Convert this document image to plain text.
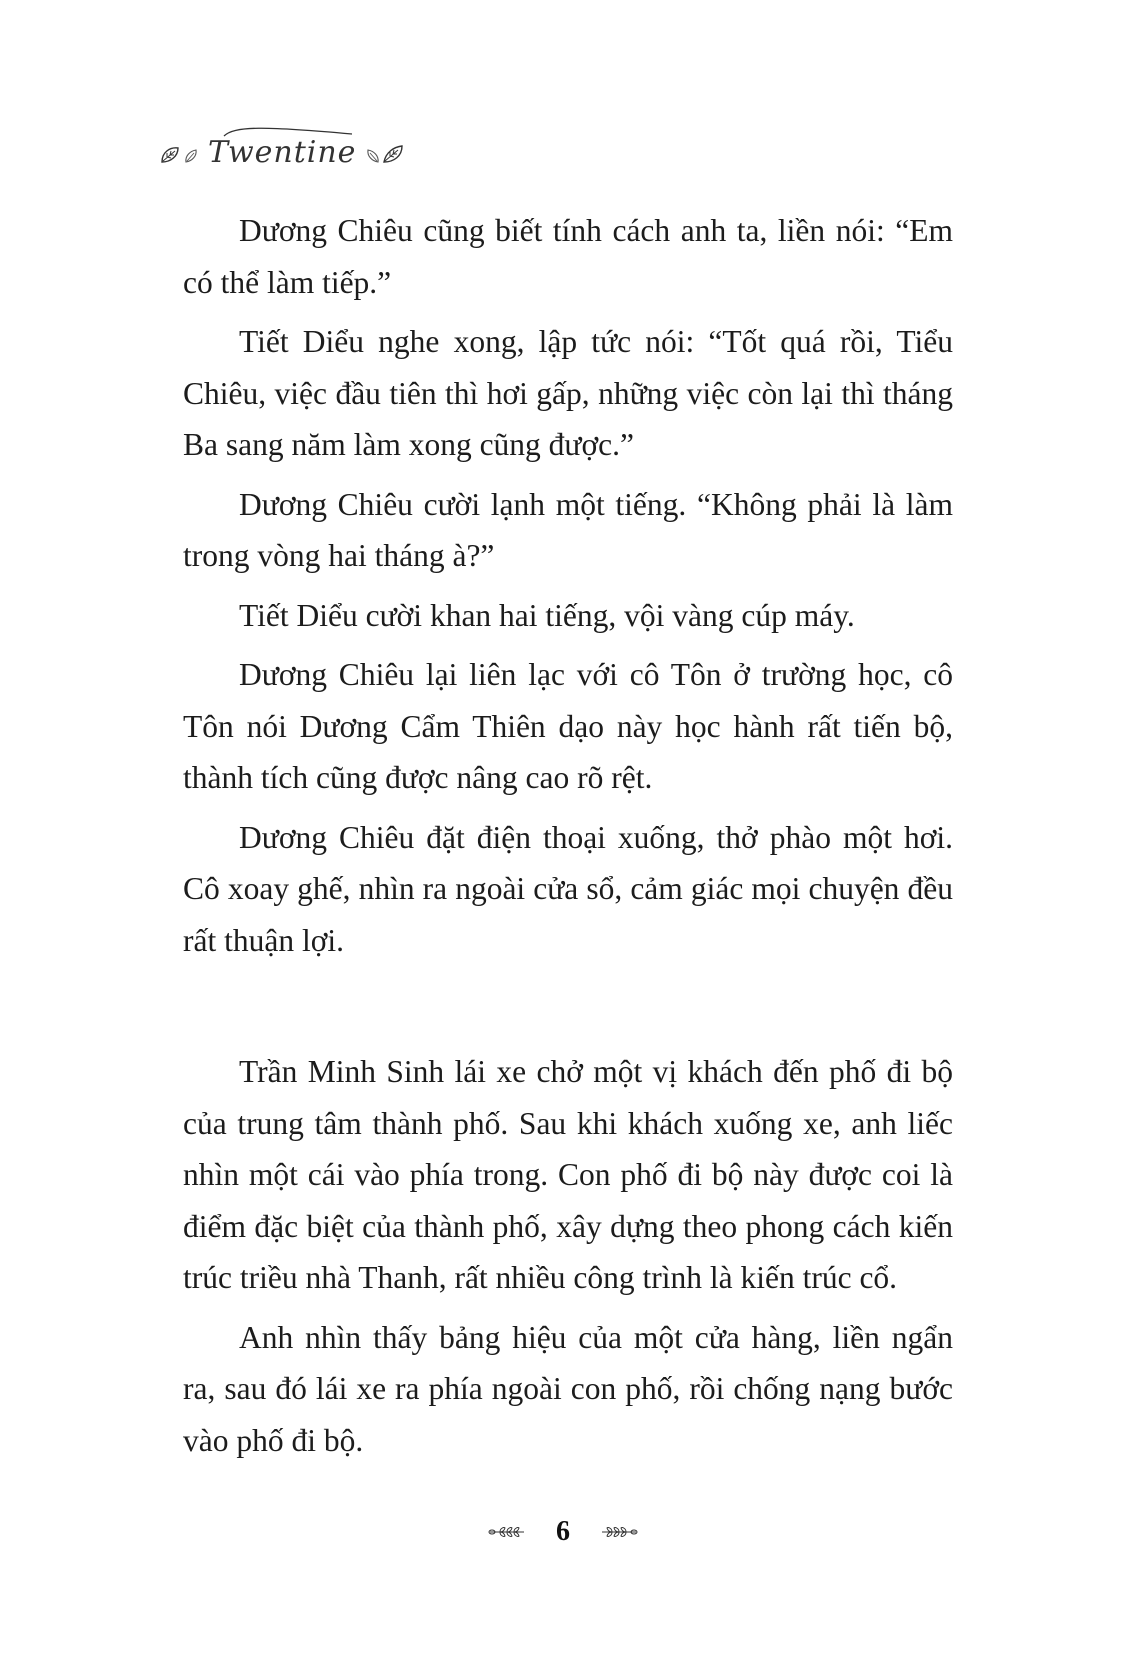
Twentine

Dương Chiêu cũng biết tính cách anh ta, liền nói: “Em có thể làm tiếp.”

Tiết Diểu nghe xong, lập tức nói: “Tốt quá rồi, Tiểu Chiêu, việc đầu tiên thì hơi gấp, những việc còn lại thì tháng Ba sang năm làm xong cũng được.”

Dương Chiêu cười lạnh một tiếng. “Không phải là làm trong vòng hai tháng à?”

Tiết Diểu cười khan hai tiếng, vội vàng cúp máy.

Dương Chiêu lại liên lạc với cô Tôn ở trường học, cô Tôn nói Dương Cẩm Thiên dạo này học hành rất tiến bộ, thành tích cũng được nâng cao rõ rệt.

Dương Chiêu đặt điện thoại xuống, thở phào một hơi. Cô xoay ghế, nhìn ra ngoài cửa sổ, cảm giác mọi chuyện đều rất thuận lợi.

Trần Minh Sinh lái xe chở một vị khách đến phố đi bộ của trung tâm thành phố. Sau khi khách xuống xe, anh liếc nhìn một cái vào phía trong. Con phố đi bộ này được coi là điểm đặc biệt của thành phố, xây dựng theo phong cách kiến trúc triều nhà Thanh, rất nhiều công trình là kiến trúc cổ.

Anh nhìn thấy bảng hiệu của một cửa hàng, liền ngẩn ra, sau đó lái xe ra phía ngoài con phố, rồi chống nạng bước vào phố đi bộ.

6
